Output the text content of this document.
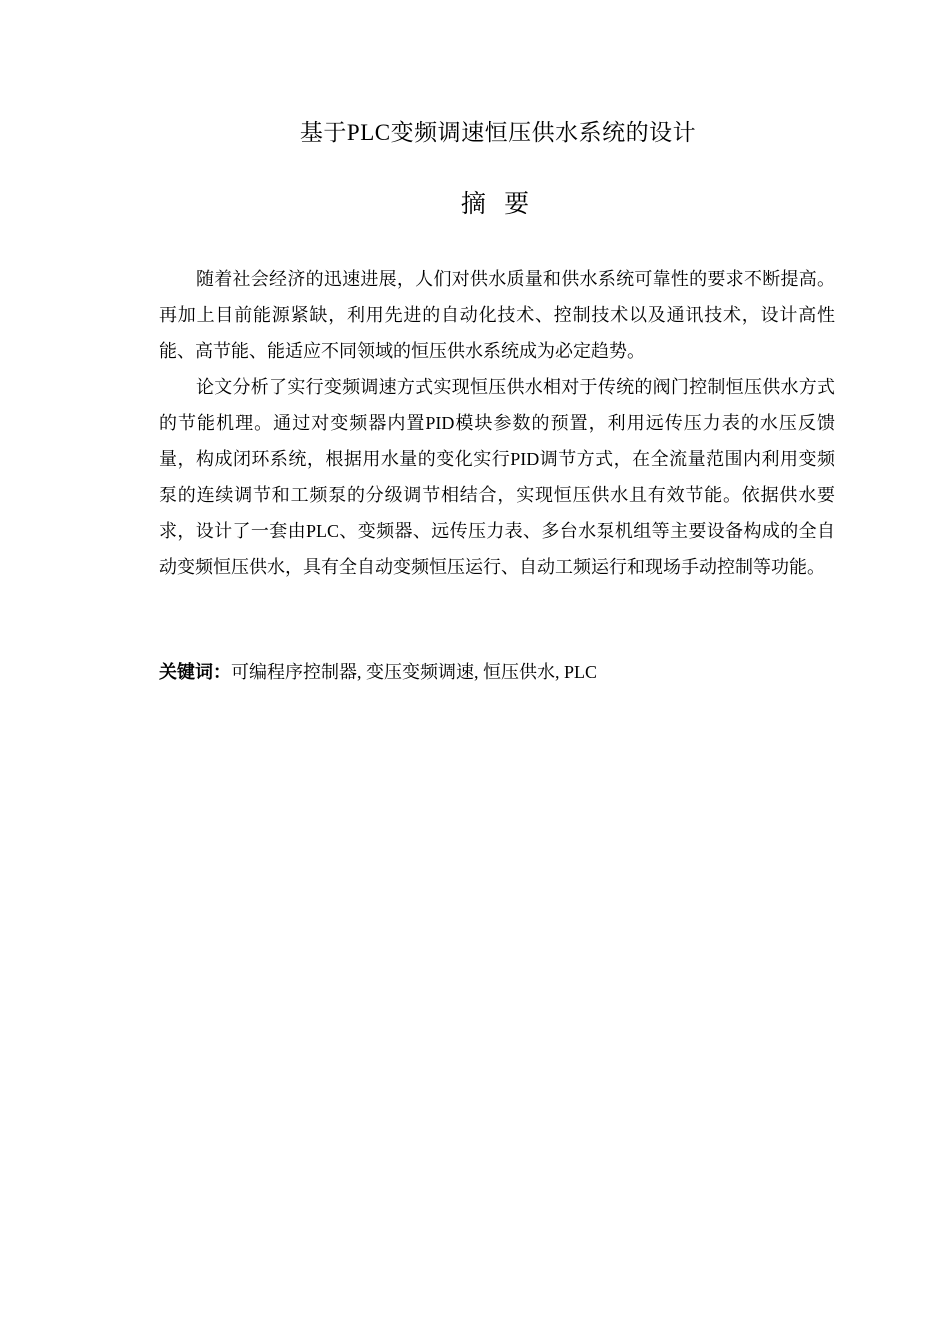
基于PLC变频调速恒压供水系统的设计
摘 要

随着社会经济的迅速进展，人们对供水质量和供水系统可靠性的要求不断提高。再加上目前能源紧缺，利用先进的自动化技术、控制技术以及通讯技术，设计高性能、高节能、能适应不同领域的恒压供水系统成为必定趋势。

论文分析了实行变频调速方式实现恒压供水相对于传统的阀门控制恒压供水方式的节能机理。通过对变频器内置PID模块参数的预置，利用远传压力表的水压反馈量，构成闭环系统，根据用水量的变化实行PID调节方式，在全流量范围内利用变频泵的连续调节和工频泵的分级调节相结合，实现恒压供水且有效节能。依据供水要求，设计了一套由PLC、变频器、远传压力表、多台水泵机组等主要设备构成的全自动变频恒压供水，具有全自动变频恒压运行、自动工频运行和现场手动控制等功能。

关键词：可编程序控制器, 变压变频调速, 恒压供水, PLC
